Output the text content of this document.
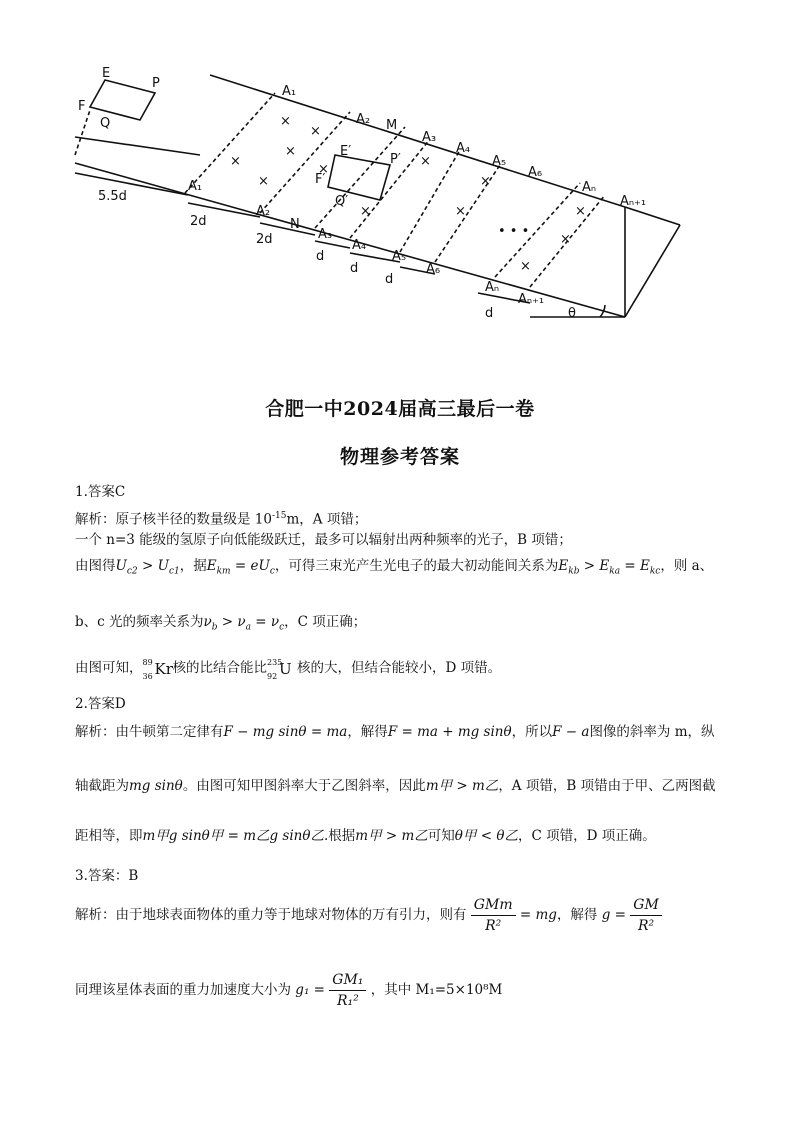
E
P
F
Q
A₁
A₂ M
A₃
A₄
A₅
A₆
Aₙ
Aₙ₊₁
E′
P′
F′
Q′
N
5.5d
2d
2d
d
d
d
d	θ
• • •
A₁
A₂
A₃
A₄
A₅
A₆
Aₙ
Aₙ₊₁
×
×
×
×
×
×
×
×
×
×
×
×
×
合肥一中2024届高三最后一卷
物理参考答案
1.答案C
解析：原子核半径的数量级是 $10^{-15}m$，A 项错；
一个 n=3 能级的氢原子向低能级跃迁，最多可以辐射出两种频率的光子，B 项错；
由图得$U_{c2} > U_{c1}$，据$E_{km} = eU_c$，可得三束光产生光电子的最大初动能间关系为$E_{kb} > E_{ka} = E_{kc}$，则 a、
b、c 光的频率关系为$\nu_b > \nu_a = \nu_c$，C 项正确；
由图可知， 89
36 Kr 核的比结合能比 235
92 U 核的大，但结合能较小，D 项错。
2.答案D
解析：由牛顿第二定律有F − mg sinθ = ma，解得F = ma + mg sinθ，所以F − a图像的斜率为 m，纵
轴截距为mg sinθ。由图可知甲图斜率大于乙图斜率，因此m甲 > m乙，A 项错，B 项错由于甲、乙两图截
距相等，即m甲g sinθ甲 = m乙g sinθ乙.根据m甲 > m乙可知θ甲 < θ乙，C 项错，D 项正确。
3.答案：B
解析：由于地球表面物体的重力等于地球对物体的万有引力，则有 $\frac{\text{GMm}}{\text{R²}}$ = mg，解得 $g = \frac{GM}{\text{R²}}$
同理该星体表面的重力加速度大小为 $g_1 = \frac{\text{GM₁}}{\text{R₁²}}$ ，其中 M₁=5×10⁸M
